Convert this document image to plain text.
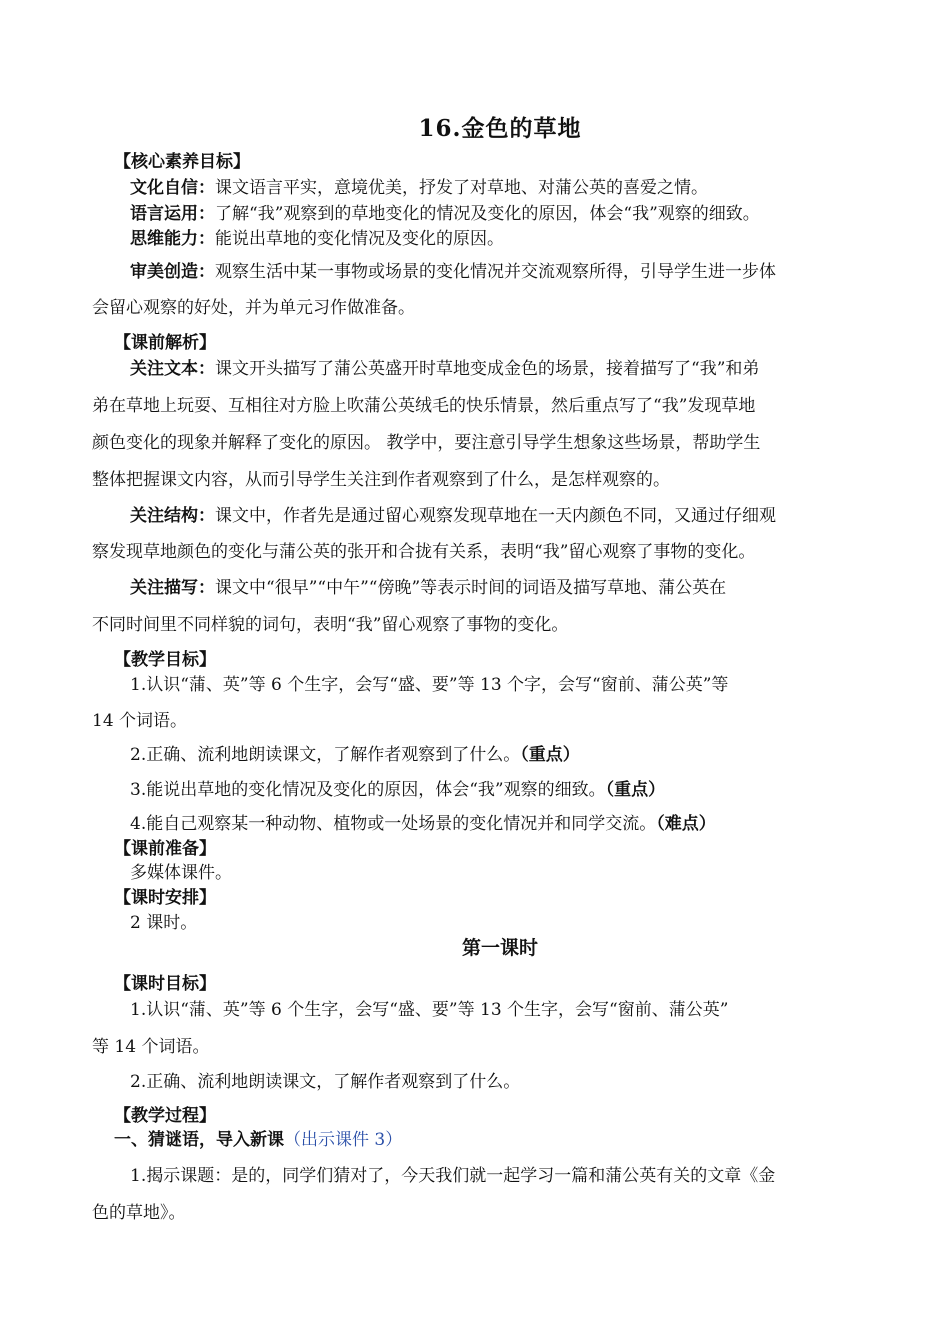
16.金色的草地
【核心素养目标】
文化自信：课文语言平实，意境优美，抒发了对草地、对蒲公英的喜爱之情。
语言运用：了解“我”观察到的草地变化的情况及变化的原因，体会“我”观察的细致。
思维能力：能说出草地的变化情况及变化的原因。
审美创造：观察生活中某一事物或场景的变化情况并交流观察所得，引导学生进一步体
会留心观察的好处，并为单元习作做准备。
【课前解析】
关注文本：课文开头描写了蒲公英盛开时草地变成金色的场景，接着描写了“我”和弟
弟在草地上玩耍、互相往对方脸上吹蒲公英绒毛的快乐情景，然后重点写了“我”发现草地
颜色变化的现象并解释了变化的原因。 教学中，要注意引导学生想象这些场景，帮助学生
整体把握课文内容，从而引导学生关注到作者观察到了什么，是怎样观察的。
关注结构：课文中，作者先是通过留心观察发现草地在一天内颜色不同，又通过仔细观
察发现草地颜色的变化与蒲公英的张开和合拢有关系，表明“我”留心观察了事物的变化。
关注描写：课文中“很早”“中午”“傍晚”等表示时间的词语及描写草地、蒲公英在
不同时间里不同样貌的词句，表明“我”留心观察了事物的变化。
【教学目标】
1.认识“蒲、英”等 6 个生字，会写“盛、要”等 13 个字，会写“窗前、蒲公英”等
14 个词语。
2.正确、流利地朗读课文，了解作者观察到了什么。（重点）
3.能说出草地的变化情况及变化的原因，体会“我”观察的细致。（重点）
4.能自己观察某一种动物、植物或一处场景的变化情况并和同学交流。（难点）
【课前准备】
多媒体课件。
【课时安排】
2 课时。
第一课时
【课时目标】
1.认识“蒲、英”等 6 个生字，会写“盛、要”等 13 个生字，会写“窗前、蒲公英”
等 14 个词语。
2.正确、流利地朗读课文，了解作者观察到了什么。
【教学过程】
一、猜谜语，导入新课（出示课件 3）
1.揭示课题：是的，同学们猜对了，今天我们就一起学习一篇和蒲公英有关的文章《金
色的草地》。
